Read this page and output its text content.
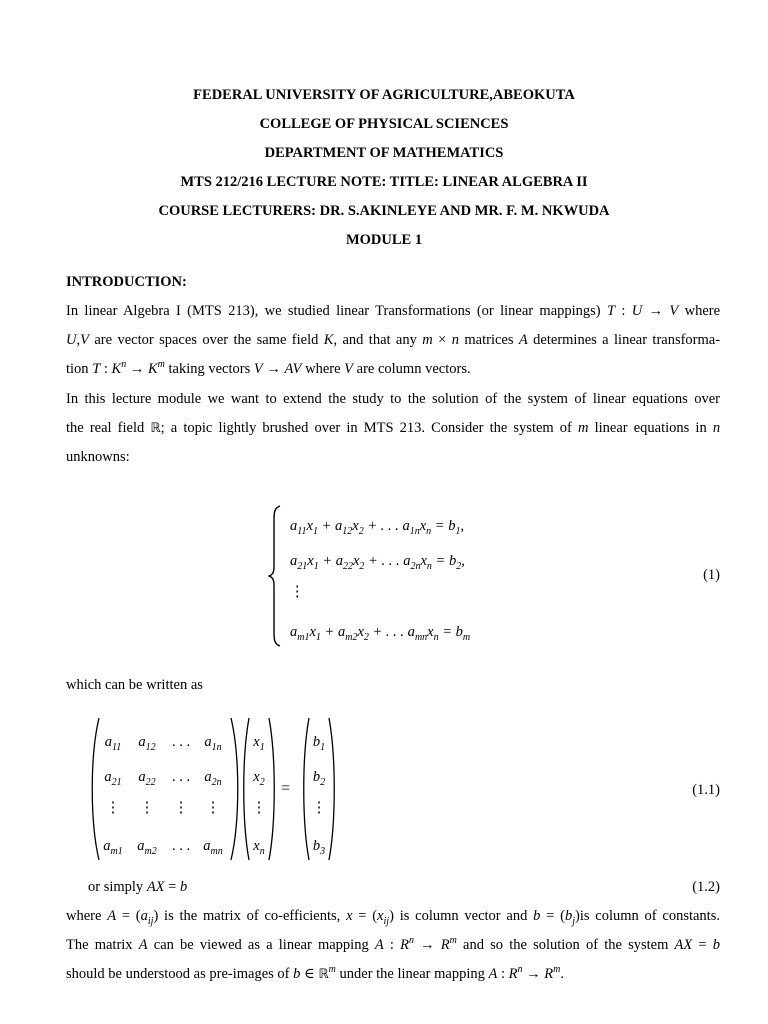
FEDERAL UNIVERSITY OF AGRICULTURE,ABEOKUTA
COLLEGE OF PHYSICAL SCIENCES
DEPARTMENT OF MATHEMATICS
MTS 212/216 LECTURE NOTE: TITLE: LINEAR ALGEBRA II
COURSE LECTURERS: DR. S.AKINLEYE AND MR. F. M. NKWUDA
MODULE 1
INTRODUCTION:
In linear Algebra I (MTS 213), we studied linear Transformations (or linear mappings) T : U → V where
U,V are vector spaces over the same field K, and that any m × n matrices A determines a linear transforma-
tion T : $K^n \to K^m$ taking vectors V → AV where V are column vectors.
In this lecture module we want to extend the study to the solution of the system of linear equations over
the real field ℝ; a topic lightly brushed over in MTS 213. Consider the system of m linear equations in n
unknowns:
$a_{11}x_1 + a_{12}x_2$ + . . . $a_{1n}x_n = b_1$,
$a_{21}x_1 + a_{22}x_2$ + . . . $a_{2n}x_n = b_2$,
⋮
$a_{m1}x_1 + a_{m2}x_2$ + . . . $a_{mn}x_n = b_m$
(1)
which can be written as
$a_{11}$	$a_{12}$	. . . $a_{1n}$
$a_{21}$	$a_{22}$	. . . $a_{2n}$
⋮	⋮	⋮	⋮
$a_{m1}$	$a_{m2}$	. . . $a_{mn}$
$x_1$
$x_2$
⋮
$x_n$
=
$b_1$
$b_2$
⋮
$b_3$
(1.1)
or simply AX = b	(1.2)
where $A = (a_{ij})$ is the matrix of co-efficients, $x = (x_{ij})$ is column vector and $b = (b_j)is$ column of constants.
The matrix A can be viewed as a linear mapping A : $R^n \to R^m$ and so the solution of the system AX = b
should be understood as pre-images of b ∈ ℝ$^m$ under the linear mapping A : $R^n \to R^m$.
